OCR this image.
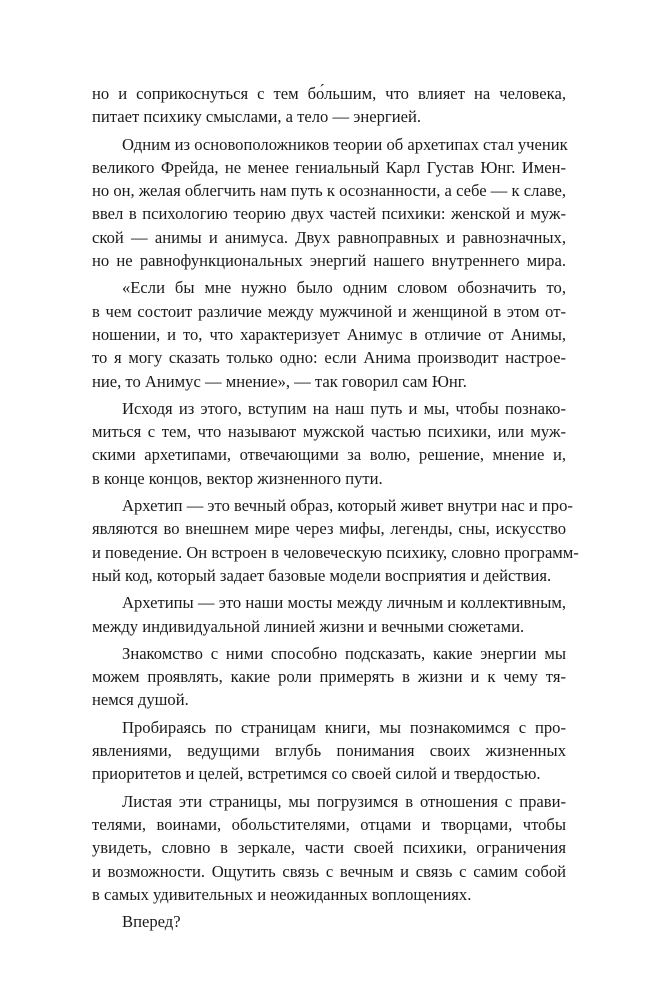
но и соприкоснуться с тем бо́льшим, что влияет на человека,
питает психику смыслами, а тело — энергией.
Одним из основоположников теории об архетипах стал ученик
великого Фрейда, не менее гениальный Карл Густав Юнг. Имен-
но он, желая облегчить нам путь к осознанности, а себе — к славе,
ввел в психологию теорию двух частей психики: женской и муж-
ской — анимы и анимуса. Двух равноправных и равнозначных,
но не равнофункциональных энергий нашего внутреннего мира.
«Если бы мне нужно было одним словом обозначить то,
в чем состоит различие между мужчиной и женщиной в этом от-
ношении, и то, что характеризует Анимус в отличие от Анимы,
то я могу сказать только одно: если Анима производит настрое-
ние, то Анимус — мнение», — так говорил сам Юнг.
Исходя из этого, вступим на наш путь и мы, чтобы познако-
миться с тем, что называют мужской частью психики, или муж-
скими архетипами, отвечающими за волю, решение, мнение и,
в конце концов, вектор жизненного пути.
Архетип — это вечный образ, который живет внутри нас и про-
являются во внешнем мире через мифы, легенды, сны, искусство
и поведение. Он встроен в человеческую психику, словно программ-
ный код, который задает базовые модели восприятия и действия.
Архетипы — это наши мосты между личным и коллективным,
между индивидуальной линией жизни и вечными сюжетами.
Знакомство с ними способно подсказать, какие энергии мы
можем проявлять, какие роли примерять в жизни и к чему тя-
немся душой.
Пробираясь по страницам книги, мы познакомимся с про-
явлениями, ведущими вглубь понимания своих жизненных
приоритетов и целей, встретимся со своей силой и твердостью.
Листая эти страницы, мы погрузимся в отношения с прави-
телями, воинами, обольстителями, отцами и творцами, чтобы
увидеть, словно в зеркале, части своей психики, ограничения
и возможности. Ощутить связь с вечным и связь с самим собой
в самых удивительных и неожиданных воплощениях.
Вперед?
